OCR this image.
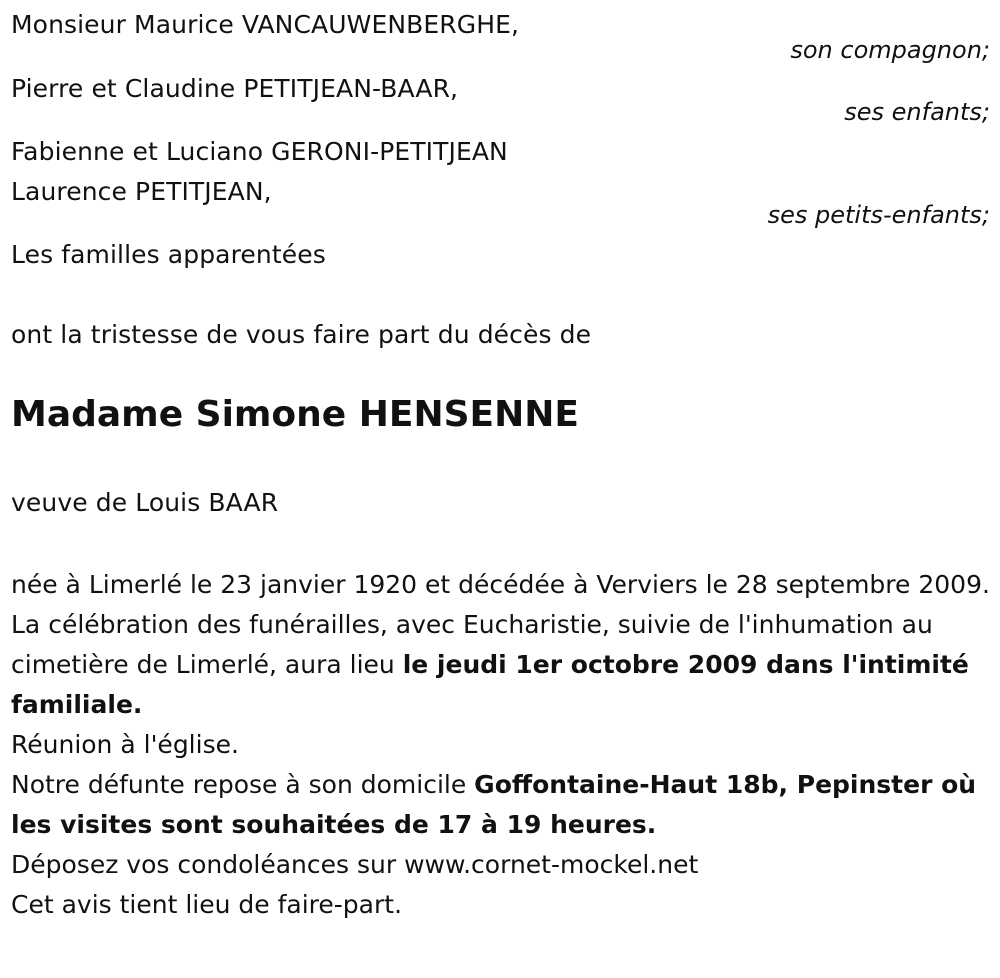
Monsieur Maurice VANCAUWENBERGHE,
son compagnon;
Pierre et Claudine PETITJEAN-BAAR,
ses enfants;
Fabienne et Luciano GERONI-PETITJEAN
Laurence PETITJEAN,
ses petits-enfants;
Les familles apparentées
ont la tristesse de vous faire part du décès de
Madame Simone HENSENNE
veuve de Louis BAAR

née à Limerlé le 23 janvier 1920 et décédée à Verviers le 28 septembre 2009.

La célébration des funérailles, avec Eucharistie, suivie de l'inhumation au cimetière de Limerlé, aura lieu le jeudi 1er octobre 2009 dans l'intimité familiale.

Réunion à l'église.

Notre défunte repose à son domicile Goffontaine-Haut 18b, Pepinster où les visites sont souhaitées de 17 à 19 heures.

Déposez vos condoléances sur www.cornet-mockel.net

Cet avis tient lieu de faire-part.
